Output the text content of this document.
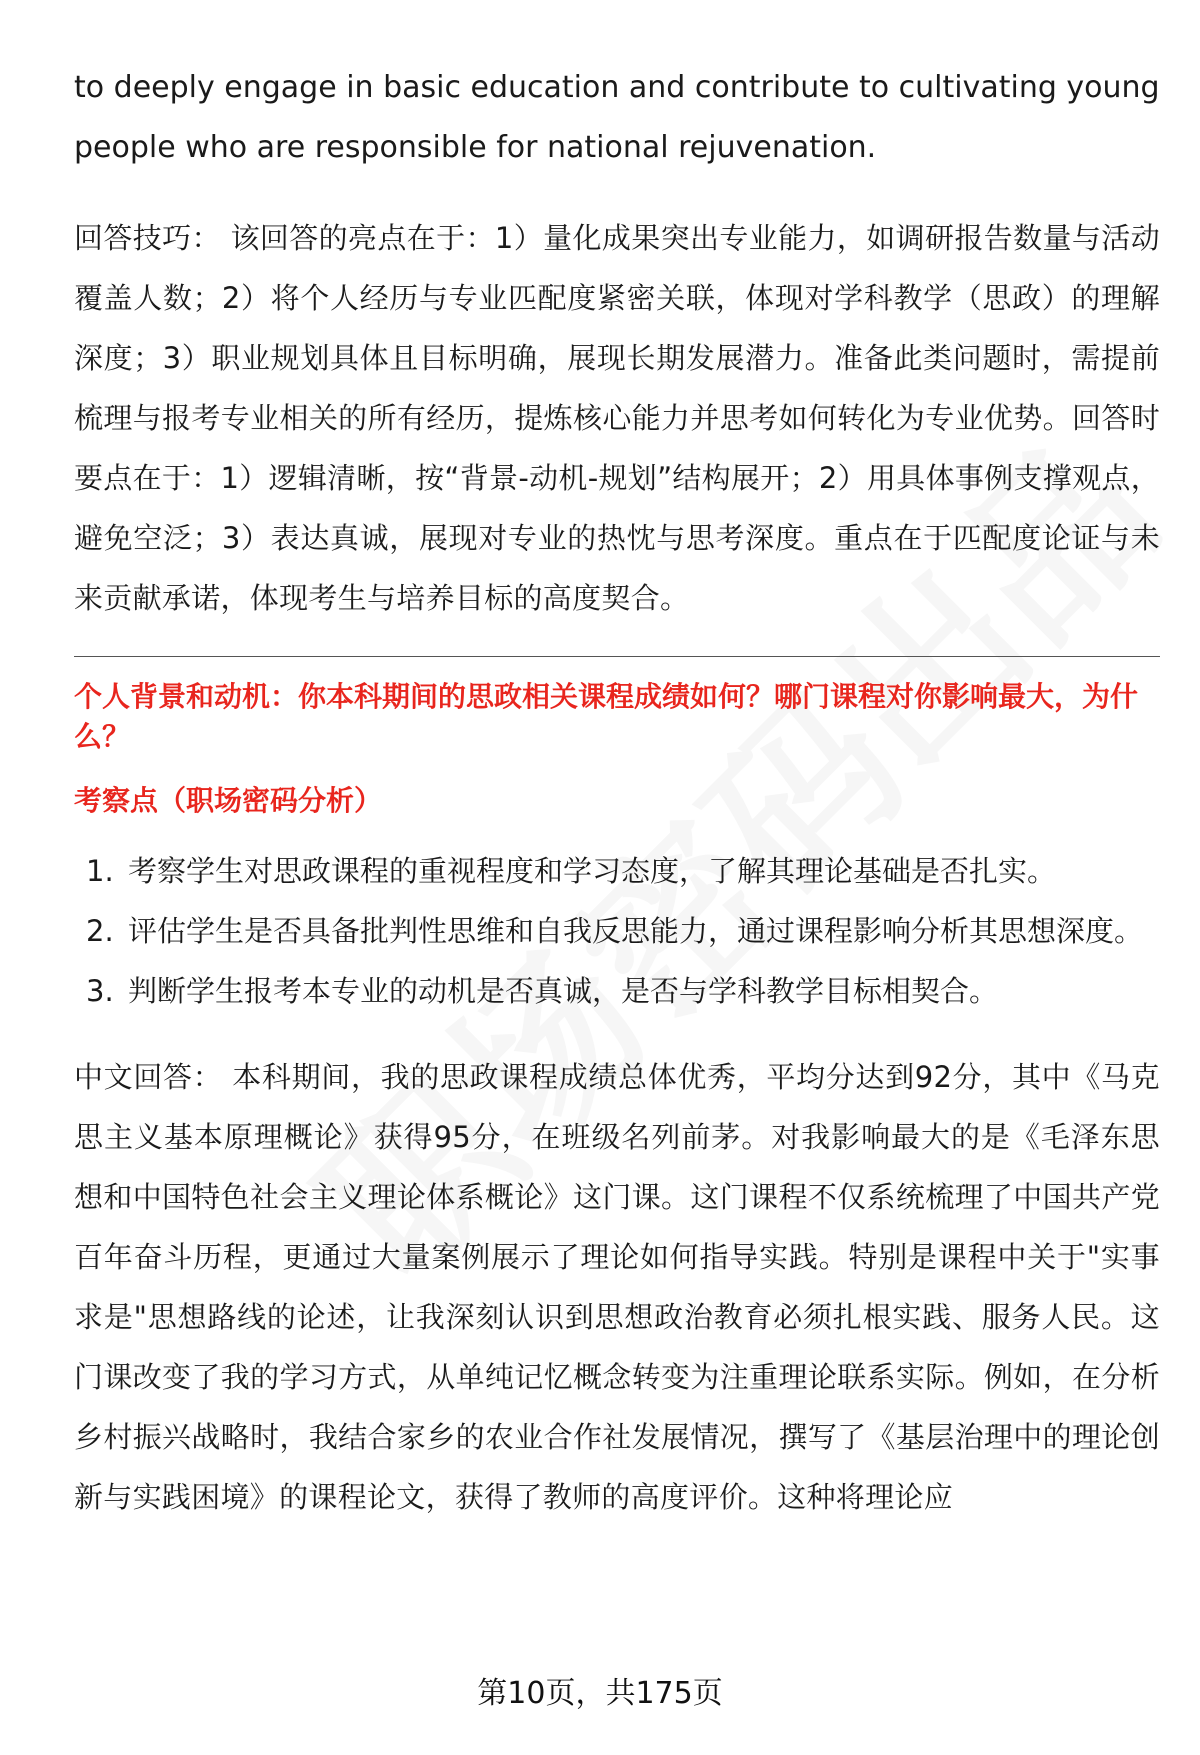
to deeply engage in basic education and contribute to cultivating young people who are responsible for national rejuvenation.

回答技巧： 该回答的亮点在于：1）量化成果突出专业能力，如调研报告数量与活动覆盖人数；2）将个人经历与专业匹配度紧密关联，体现对学科教学（思政）的理解深度；3）职业规划具体且目标明确，展现长期发展潜力。准备此类问题时，需提前梳理与报考专业相关的所有经历，提炼核心能力并思考如何转化为专业优势。回答时要点在于：1）逻辑清晰，按“背景-动机-规划”结构展开；2）用具体事例支撑观点，避免空泛；3）表达真诚，展现对专业的热忱与思考深度。重点在于匹配度论证与未来贡献承诺，体现考生与培养目标的高度契合。

个人背景和动机：你本科期间的思政相关课程成绩如何？哪门课程对你影响最大，为什么？

考察点（职场密码分析）

1. 考察学生对思政课程的重视程度和学习态度，了解其理论基础是否扎实。
2. 评估学生是否具备批判性思维和自我反思能力，通过课程影响分析其思想深度。
3. 判断学生报考本专业的动机是否真诚，是否与学科教学目标相契合。

中文回答： 本科期间，我的思政课程成绩总体优秀，平均分达到92分，其中《马克思主义基本原理概论》获得95分，在班级名列前茅。对我影响最大的是《毛泽东思想和中国特色社会主义理论体系概论》这门课。这门课程不仅系统梳理了中国共产党百年奋斗历程，更通过大量案例展示了理论如何指导实践。特别是课程中关于"实事求是"思想路线的论述，让我深刻认识到思想政治教育必须扎根实践、服务人民。这门课改变了我的学习方式，从单纯记忆概念转变为注重理论联系实际。例如，在分析乡村振兴战略时，我结合家乡的农业合作社发展情况，撰写了《基层治理中的理论创新与实践困境》的课程论文，获得了教师的高度评价。这种将理论应

第10页，共175页
